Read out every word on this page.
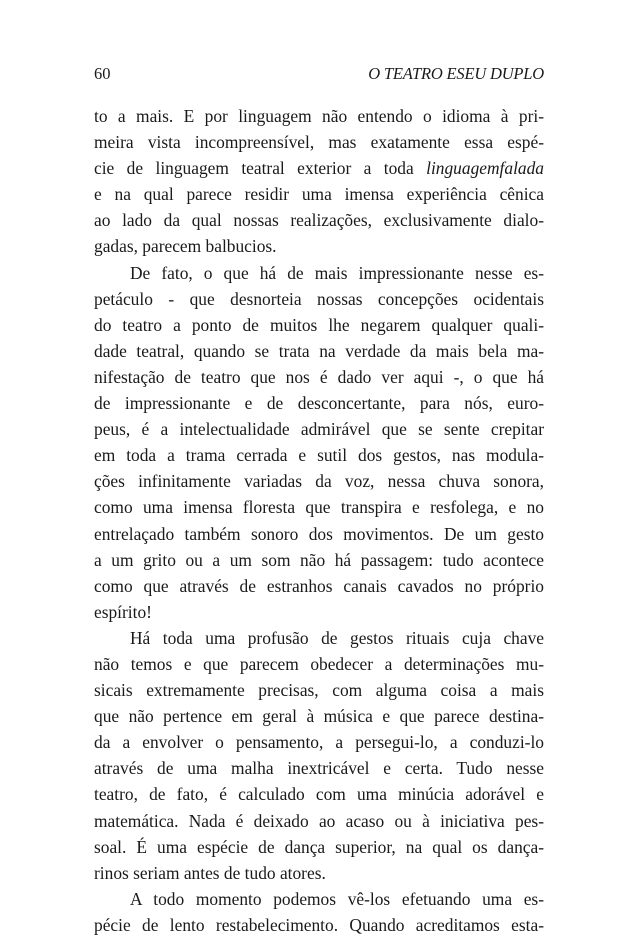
60	O TEATRO ESEU DUPLO
to a mais. E por linguagem não entendo o idioma à pri-
meira vista incompreensível, mas exatamente essa espé-
cie de linguagem teatral exterior a toda linguagemfalada
e na qual parece residir uma imensa experiência cênica
ao lado da qual nossas realizações, exclusivamente dialo-
gadas, parecem balbucios.
De fato, o que há de mais impressionante nesse es-
petáculo - que desnorteia nossas concepções ocidentais
do teatro a ponto de muitos lhe negarem qualquer quali-
dade teatral, quando se trata na verdade da mais bela ma-
nifestação de teatro que nos é dado ver aqui -, o que há
de impressionante e de desconcertante, para nós, euro-
peus, é a intelectualidade admirável que se sente crepitar
em toda a trama cerrada e sutil dos gestos, nas modula-
ções infinitamente variadas da voz, nessa chuva sonora,
como uma imensa floresta que transpira e resfolega, e no
entrelaçado também sonoro dos movimentos. De um gesto
a um grito ou a um som não há passagem: tudo acontece
como que através de estranhos canais cavados no próprio
espírito!
Há toda uma profusão de gestos rituais cuja chave
não temos e que parecem obedecer a determinações mu-
sicais extremamente precisas, com alguma coisa a mais
que não pertence em geral à música e que parece destina-
da a envolver o pensamento, a persegui-lo, a conduzi-lo
através de uma malha inextricável e certa. Tudo nesse
teatro, de fato, é calculado com uma minúcia adorável e
matemática. Nada é deixado ao acaso ou à iniciativa pes-
soal. É uma espécie de dança superior, na qual os dança-
rinos seriam antes de tudo atores.
A todo momento podemos vê-los efetuando uma es-
pécie de lento restabelecimento. Quando acreditamos esta-
